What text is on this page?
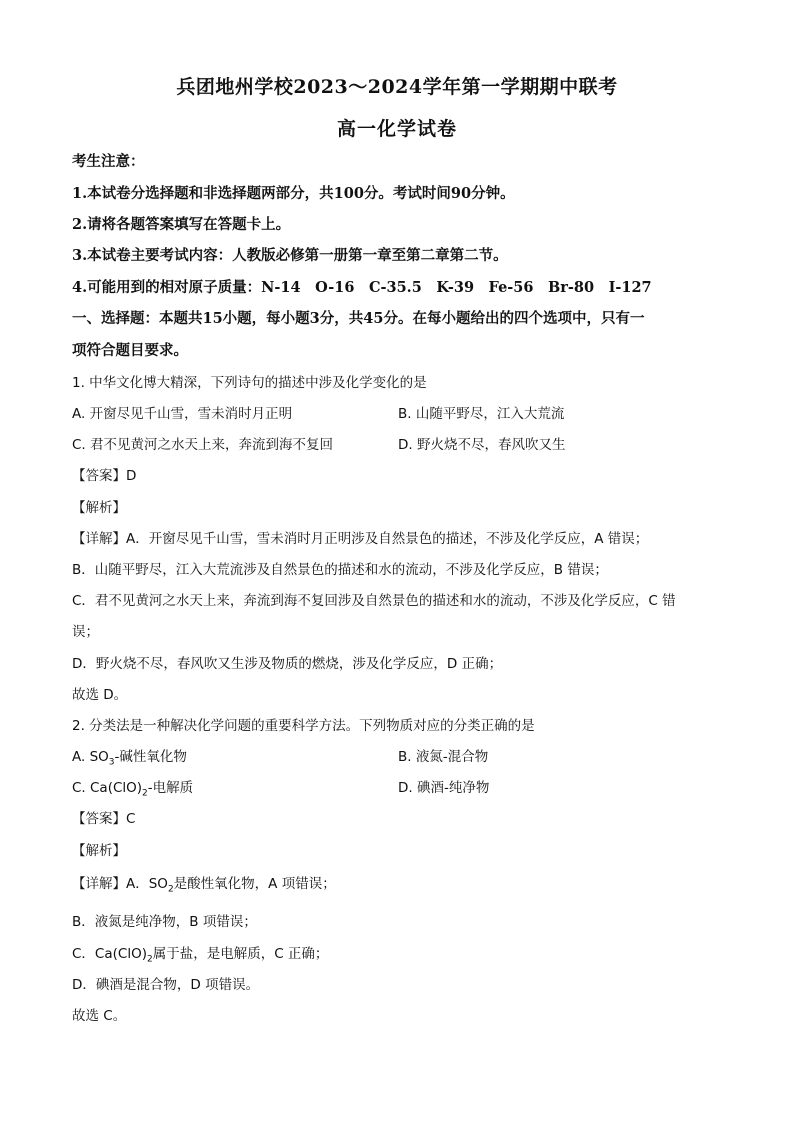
兵团地州学校2023～2024学年第一学期期中联考
高一化学试卷
考生注意：
1.本试卷分选择题和非选择题两部分，共100分。考试时间90分钟。
2.请将各题答案填写在答题卡上。
3.本试卷主要考试内容：人教版必修第一册第一章至第二章第二节。
4.可能用到的相对原子质量：N-14　O-16　C-35.5　K-39　Fe-56　Br-80　I-127
一、选择题：本题共15小题，每小题3分，共45分。在每小题给出的四个选项中，只有一
项符合题目要求。
1. 中华文化博大精深，下列诗句的描述中涉及化学变化的是
A. 开窗尽见千山雪，雪未消时月正明	B. 山随平野尽，江入大荒流
C. 君不见黄河之水天上来，奔流到海不复回	D. 野火烧不尽，春风吹又生
【答案】D
【解析】
【详解】A．开窗尽见千山雪，雪未消时月正明涉及自然景色的描述，不涉及化学反应，A 错误；
B．山随平野尽，江入大荒流涉及自然景色的描述和水的流动，不涉及化学反应，B 错误；
C．君不见黄河之水天上来，奔流到海不复回涉及自然景色的描述和水的流动，不涉及化学反应，C 错
误；
D．野火烧不尽，春风吹又生涉及物质的燃烧，涉及化学反应，D 正确；
故选 D。
2. 分类法是一种解决化学问题的重要科学方法。下列物质对应的分类正确的是
A. $SO_3-$碱性氧化物	B. 液氮-混合物
C. $Ca(ClO)_2-$电解质	D. 碘酒-纯净物
【答案】C
【解析】
【详解】A．$SO_2$是酸性氧化物，A 项错误；
B．液氮是纯净物，B 项错误；
C．$Ca(ClO)_2$属于盐，是电解质，C 正确；
D．碘酒是混合物，D 项错误。
故选 C。
